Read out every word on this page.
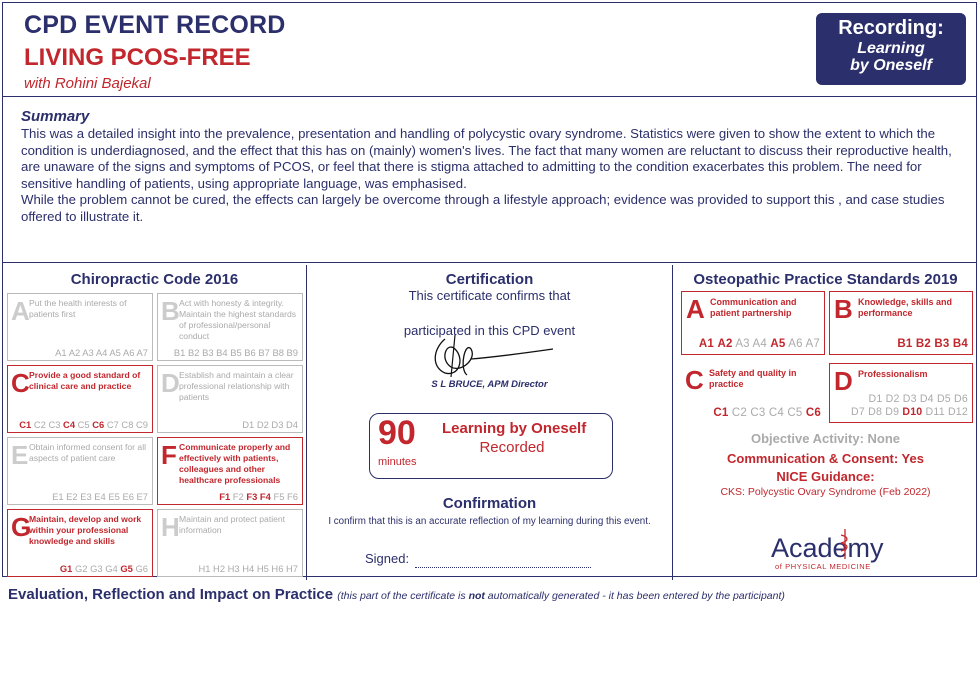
CPD EVENT RECORD
LIVING PCOS-FREE
with Rohini Bajekal
Recording:
Learning
by Oneself
Summary

This was a detailed insight into the prevalence, presentation and handling of polycystic ovary syndrome. Statistics were given to show the extent to which the condition is underdiagnosed, and the effect that this has on (mainly) women's lives. The fact that many women are reluctant to discuss their reproductive health, are unaware of the signs and symptoms of PCOS, or feel that there is stigma attached to admitting to the condition exacerbates this problem. The need for sensitive handling of patients, using appropriate language, was emphasised.

While the problem cannot be cured, the effects can largely be overcome through a lifestyle approach; evidence was provided to support this , and case studies offered to illustrate it.

Chiropractic Code 2016
A Put the health interests of patients first
A1 A2 A3 A4 A5 A6 A7
B Act with honesty & integrity. Maintain the highest standards of professional/personal conduct
B1 B2 B3 B4 B5 B6 B7 B8 B9
C Provide a good standard of clinical care and practice
C1 C2 C3 C4 C5 C6 C7 C8 C9
D Establish and maintain a clear professional relationship with patients
D1 D2 D3 D4
E Obtain informed consent for all aspects of patient care
E1 E2 E3 E4 E5 E6 E7
F Communicate properly and effectively with patients, colleagues and other healthcare professionals
F1 F2 F3 F4 F5 F6
G
Maintain, develop and work within your professional knowledge and skills
G1 G2 G3 G4 G5 G6
H Maintain and protect patient information
H1 H2 H3 H4 H5 H6 H7
Certification
This certificate confirms that
participated in this CPD event
S L BRUCE, APM Director
90
minutes
Learning by Oneself
Recorded
Confirmation
I confirm that this is an accurate reflection of my learning during this event.
Signed:
Osteopathic Practice Standards 2019
A Communication and patient partnership
A1 A2 A3 A4 A5 A6 A7
B Knowledge, skills and performance
B1 B2 B3 B4
C Safety and quality in practice
C1 C2 C3 C4 C5 C6
D Professionalism
D1 D2 D3 D4 D5 D6
D7 D8 D9 D10 D11 D12
Objective Activity: None
Communication & Consent: Yes
NICE Guidance:
CKS: Polycystic Ovary Syndrome (Feb 2022)
Academy
of PHYSICAL MEDICINE
Evaluation, Reflection and Impact on Practice (this part of the certificate is not automatically generated - it has been entered by the participant)
